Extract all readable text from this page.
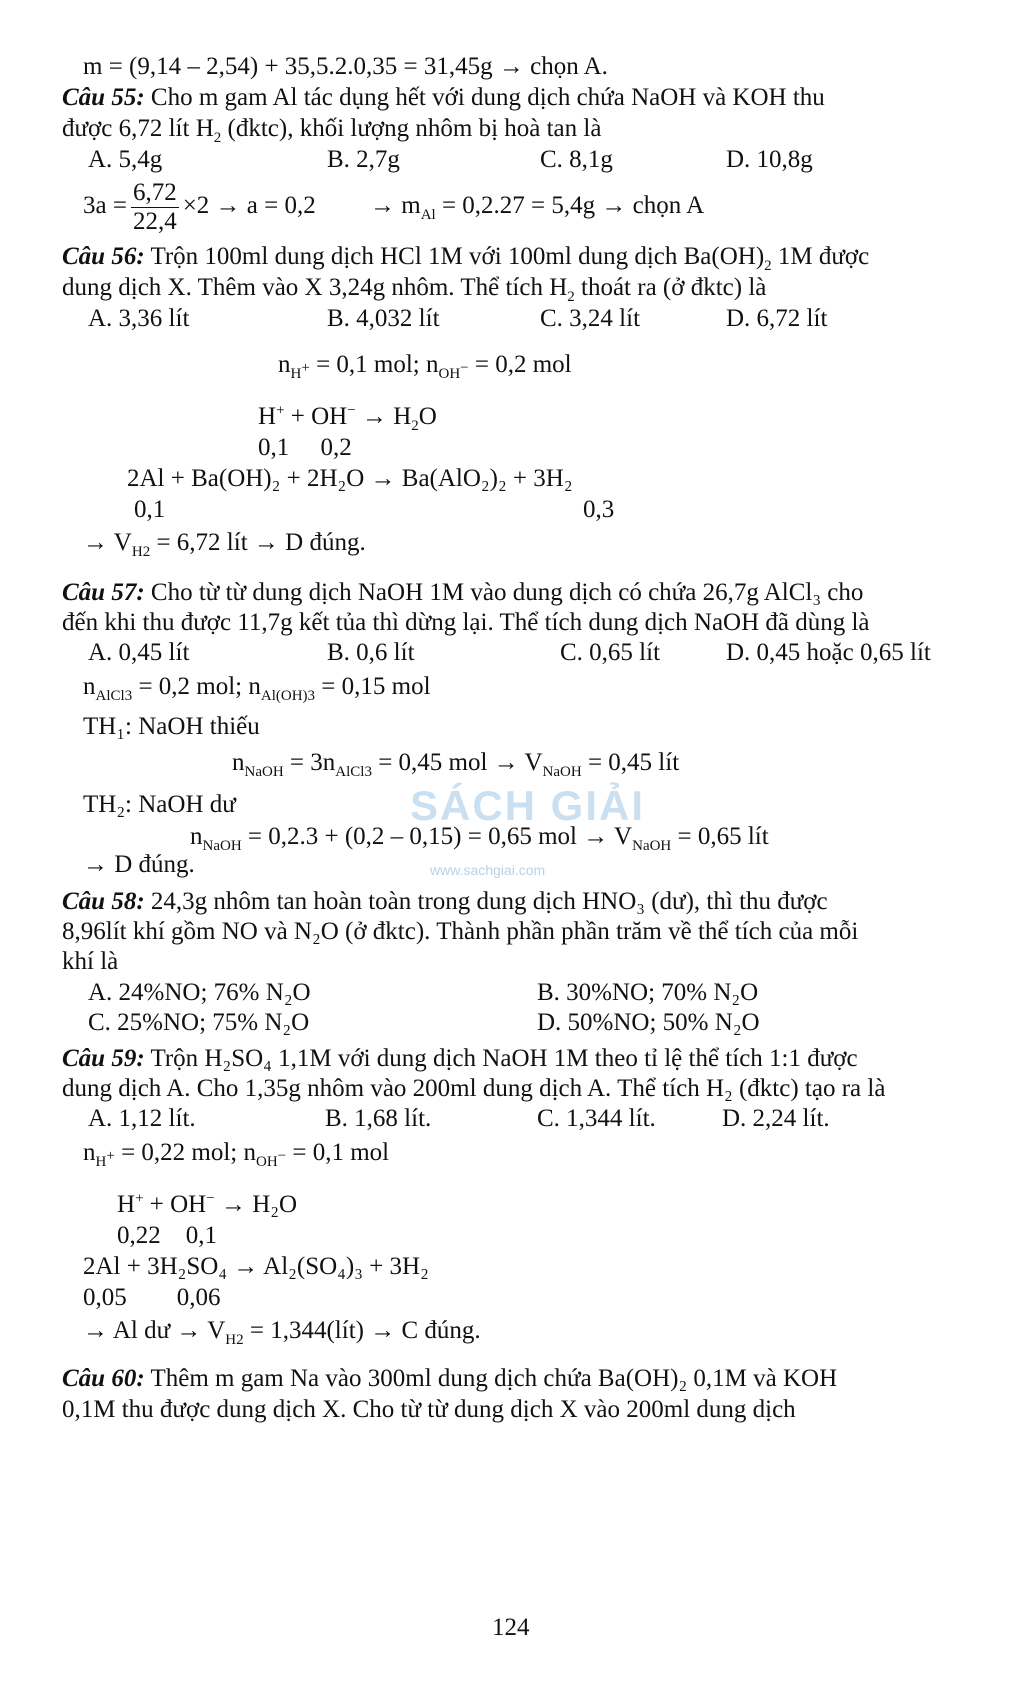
SÁCH GIẢI
www.sachgiai.com
m = (9,14 – 2,54) + 35,5.2.0,35 = 31,45g → chọn A.
Câu 55: Cho m gam Al tác dụng hết với dung dịch chứa NaOH và KOH thu
được 6,72 lít $H_2$ (đktc), khối lượng nhôm bị hoà tan là
A. 5,4g	B. 2,7g	C. 8,1g	D. 10,8g
$3a = \frac{6,72}{22,4} \times 2 \to a = 0,2 \to m_{Al} = 0,2.27 = 5,4g$ → chọn A
Câu 56: Trộn 100ml dung dịch HCl 1M với 100ml dung dịch $Ba(OH)_2$ 1M được
dung dịch X. Thêm vào X 3,24g nhôm. Thể tích $H_2$ thoát ra (ở đktc) là
A. 3,36 lít	B. 4,032 lít	C. 3,24 lít	D. 6,72 lít
$n_{H^+} = 0,1$ mol; $n_{OH^-} = 0,2$ mol
$H^+ + OH^- \to H_2O$
0,1     0,2
2Al + Ba(OH)₂ + 2H₂O → Ba(AlO₂)₂ + 3H₂
0,1	0,3
→ $V_{H2} = 6,72$ lít → D đúng.
Câu 57: Cho từ từ dung dịch NaOH 1M vào dung dịch có chứa 26,7g AlCl₃ cho
đến khi thu được 11,7g kết tủa thì dừng lại. Thể tích dung dịch NaOH đã dùng là
A. 0,45 lít	B. 0,6 lít	C. 0,65 lít	D. 0,45 hoặc 0,65 lít
$n_{AlCl3} = 0,2$ mol; $n_{Al(OH)3} = 0,15$ mol
TH₁: NaOH thiếu
$n_{NaOH} = 3n_{AlCl3} = 0,45$ mol → $V_{NaOH} = 0,45$ lít
TH₂: NaOH dư
$n_{NaOH} = 0,2.3 + (0,2 - 0,15) = 0,65$ mol → $V_{NaOH} = 0,65$ lít
→ D đúng.
Câu 58: 24,3g nhôm tan hoàn toàn trong dung dịch HNO₃ (dư), thì thu được
8,96lít khí gồm NO và N₂O (ở đktc). Thành phần phần trăm về thể tích của mỗi
khí là
A. 24%NO; 76% N₂O	B. 30%NO; 70% N₂O
C. 25%NO; 75% N₂O	D. 50%NO; 50% N₂O
Câu 59: Trộn H₂SO₄ 1,1M với dung dịch NaOH 1M theo tỉ lệ thể tích 1:1 được
dung dịch A. Cho 1,35g nhôm vào 200ml dung dịch A. Thể tích H₂ (đktc) tạo ra là
A. 1,12 lít.	B. 1,68 lít.	C. 1,344 lít.	D. 2,24 lít.
$n_{H^+} = 0,22$ mol; $n_{OH^-} = 0,1$ mol
H+ + OH− → H₂O
0,22    0,1
2Al + 3H₂SO₄ → Al₂(SO₄)₃ + 3H₂
0,05        0,06
→ Al dư → $V_{H2}$ = 1,344(lít) → C đúng.
Câu 60: Thêm m gam Na vào 300ml dung dịch chứa Ba(OH)₂ 0,1M và KOH
0,1M thu được dung dịch X. Cho từ từ dung dịch X vào 200ml dung dịch
124
